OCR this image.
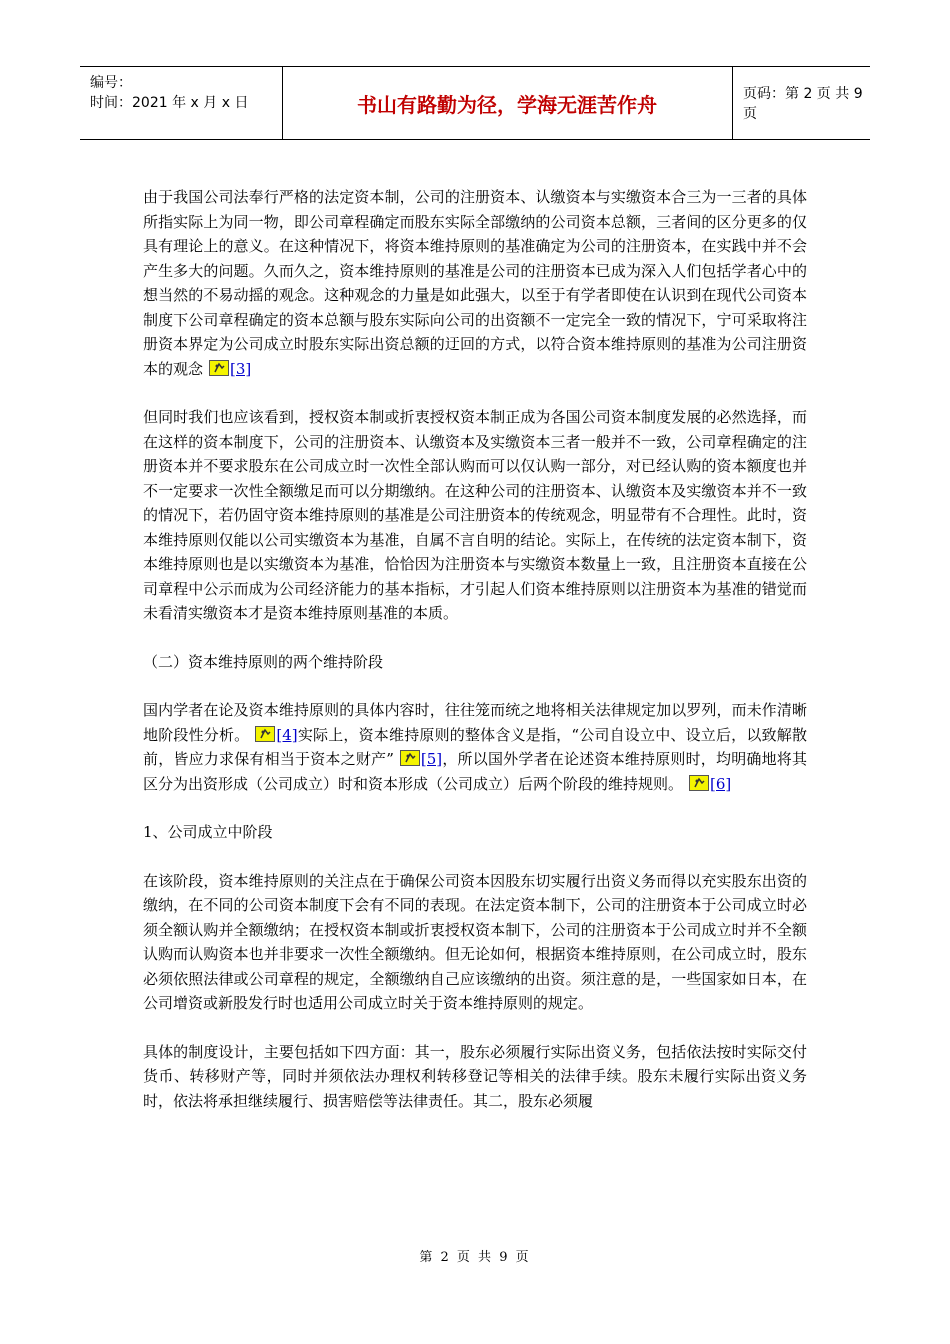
编号：
时间：2021 年 x 月 x 日	书山有路勤为径，学海无涯苦作舟	页码：第 2 页 共 9 页

由于我国公司法奉行严格的法定资本制，公司的注册资本、认缴资本与实缴资本合三为一三者的具体所指实际上为同一物，即公司章程确定而股东实际全部缴纳的公司资本总额，三者间的区分更多的仅具有理论上的意义。在这种情况下，将资本维持原则的基准确定为公司的注册资本，在实践中并不会产生多大的问题。久而久之，资本维持原则的基准是公司的注册资本已成为深入人们包括学者心中的想当然的不易动摇的观念。这种观念的力量是如此强大，以至于有学者即使在认识到在现代公司资本制度下公司章程确定的资本总额与股东实际向公司的出资额不一定完全一致的情况下，宁可采取将注册资本界定为公司成立时股东实际出资总额的迂回的方式，以符合资本维持原则的基准为公司注册资本的观念 [3]

但同时我们也应该看到，授权资本制或折衷授权资本制正成为各国公司资本制度发展的必然选择，而在这样的资本制度下，公司的注册资本、认缴资本及实缴资本三者一般并不一致，公司章程确定的注册资本并不要求股东在公司成立时一次性全部认购而可以仅认购一部分，对已经认购的资本额度也并不一定要求一次性全额缴足而可以分期缴纳。在这种公司的注册资本、认缴资本及实缴资本并不一致的情况下，若仍固守资本维持原则的基准是公司注册资本的传统观念，明显带有不合理性。此时，资本维持原则仅能以公司实缴资本为基准，自属不言自明的结论。实际上，在传统的法定资本制下，资本维持原则也是以实缴资本为基准，恰恰因为注册资本与实缴资本数量上一致，且注册资本直接在公司章程中公示而成为公司经济能力的基本指标，才引起人们资本维持原则以注册资本为基准的错觉而未看清实缴资本才是资本维持原则基准的本质。

（二）资本维持原则的两个维持阶段

国内学者在论及资本维持原则的具体内容时，往往笼而统之地将相关法律规定加以罗列，而未作清晰地阶段性分析。 [4]实际上，资本维持原则的整体含义是指，“公司自设立中、设立后，以致解散前，皆应力求保有相当于资本之财产” [5]，所以国外学者在论述资本维持原则时，均明确地将其区分为出资形成（公司成立）时和资本形成（公司成立）后两个阶段的维持规则。 [6]

1、公司成立中阶段

在该阶段，资本维持原则的关注点在于确保公司资本因股东切实履行出资义务而得以充实股东出资的缴纳，在不同的公司资本制度下会有不同的表现。在法定资本制下，公司的注册资本于公司成立时必须全额认购并全额缴纳；在授权资本制或折衷授权资本制下，公司的注册资本于公司成立时并不全额认购而认购资本也并非要求一次性全额缴纳。但无论如何，根据资本维持原则，在公司成立时，股东必须依照法律或公司章程的规定，全额缴纳自己应该缴纳的出资。须注意的是，一些国家如日本，在公司增资或新股发行时也适用公司成立时关于资本维持原则的规定。

具体的制度设计，主要包括如下四方面：其一，股东必须履行实际出资义务，包括依法按时实际交付货币、转移财产等，同时并须依法办理权利转移登记等相关的法律手续。股东未履行实际出资义务时，依法将承担继续履行、损害赔偿等法律责任。其二，股东必须履

第 2 页 共 9 页
